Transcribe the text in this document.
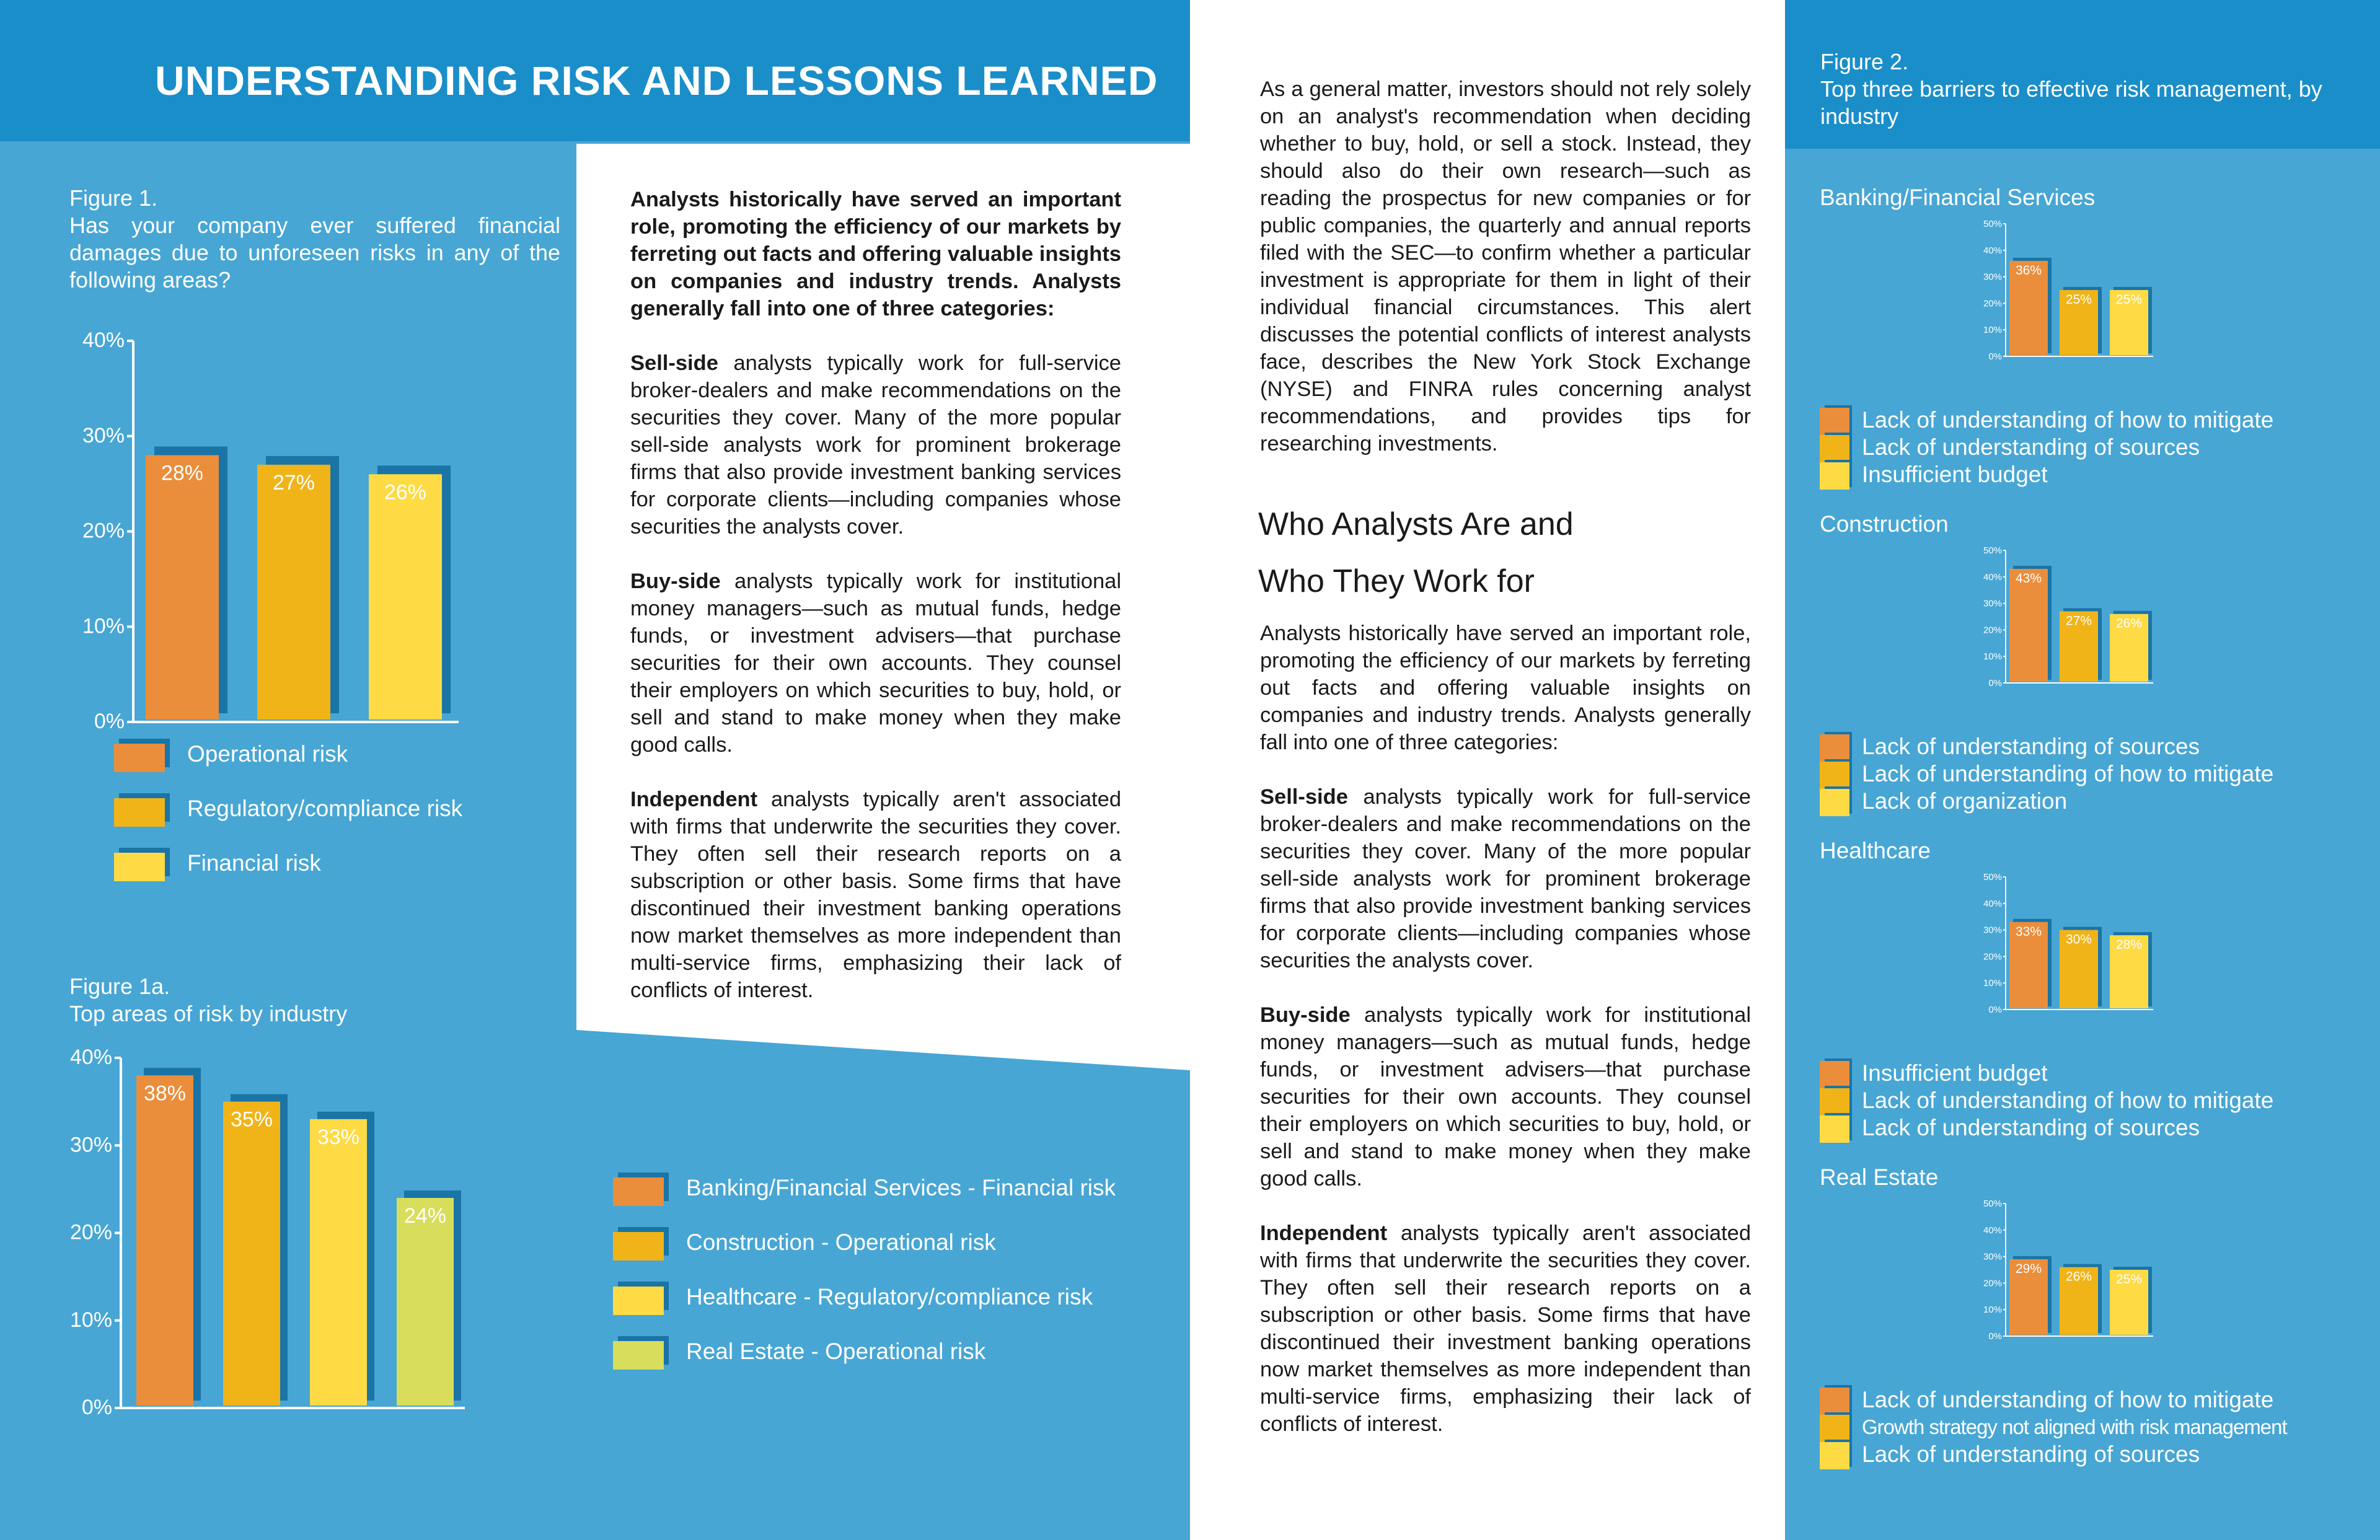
UNDERSTANDING RISK AND LESSONS LEARNED
Figure 1.
Has your company ever suffered financial damages due to unforeseen risks in any of the following areas?
0%
10%
20%
30%
40%
28%	27%	26%
Operational risk
Regulatory/compliance risk
Financial risk
Figure 1a.
Top areas of risk by industry
0%
10%
20%
30%
40%
38%
35%
33%
24%
Banking/Financial Services - Financial risk
Construction - Operational risk
Healthcare - Regulatory/compliance risk
Real Estate - Operational risk

Analysts historically have served an important role, promoting the efficiency of our markets by ferreting out facts and offering valuable insights on companies and industry trends. Analysts generally fall into one of three categories:

Sell-side analysts typically work for full-service broker-dealers and make recommendations on the securities they cover. Many of the more popular sell-side analysts work for prominent brokerage firms that also provide investment banking services for corporate clients—including companies whose securities the analysts cover.

Buy-side analysts typically work for institutional money managers—such as mutual funds, hedge funds, or investment advisers—that purchase securities for their own accounts. They counsel their employers on which securities to buy, hold, or sell and stand to make money when they make good calls.

Independent analysts typically aren't associated with firms that underwrite the securities they cover. They often sell their research reports on a subscription or other basis. Some firms that have discontinued their investment banking operations now market themselves as more independent than multi-service firms, emphasizing their lack of conflicts of interest.

As a general matter, investors should not rely solely on an analyst's recommendation when deciding whether to buy, hold, or sell a stock. Instead, they should also do their own research—such as reading the prospectus for new companies or for public companies, the quarterly and annual reports filed with the SEC—to confirm whether a particular investment is appropriate for them in light of their individual financial circumstances. This alert discusses the potential conflicts of interest analysts face, describes the New York Stock Exchange (NYSE) and FINRA rules concerning analyst recommendations, and provides tips for researching investments.

Who Analysts Are and
Who They Work for

Analysts historically have served an important role, promoting the efficiency of our markets by ferreting out facts and offering valuable insights on companies and industry trends. Analysts generally fall into one of three categories:

Sell-side analysts typically work for full-service broker-dealers and make recommendations on the securities they cover. Many of the more popular sell-side analysts work for prominent brokerage firms that also provide investment banking services for corporate clients—including companies whose securities the analysts cover.

Buy-side analysts typically work for institutional money managers—such as mutual funds, hedge funds, or investment advisers—that purchase securities for their own accounts. They counsel their employers on which securities to buy, hold, or sell and stand to make money when they make good calls.

Independent analysts typically aren't associated with firms that underwrite the securities they cover. They often sell their research reports on a subscription or other basis. Some firms that have discontinued their investment banking operations now market themselves as more independent than multi-service firms, emphasizing their lack of conflicts of interest.

Figure 2.
Top three barriers to effective risk management, by industry
Banking/Financial Services
0%
10%
20%
30%
40%
50%
36%
25% 25%
Lack of understanding of how to mitigate
Lack of understanding of sources
Insufficient budget
Construction
0%
10%
20%
30%
40%
50%
43%
27% 26%
Lack of understanding of sources
Lack of understanding of how to mitigate
Lack of organization
Healthcare
0%
10%
20%
30%
40%
50%
33%
30% 28%
Insufficient budget
Lack of understanding of how to mitigate
Lack of understanding of sources
Real Estate
0%
10%
20%
30%
40%
50%
29%
26% 25%
Lack of understanding of how to mitigate
Growth strategy not aligned with risk management
Lack of understanding of sources
